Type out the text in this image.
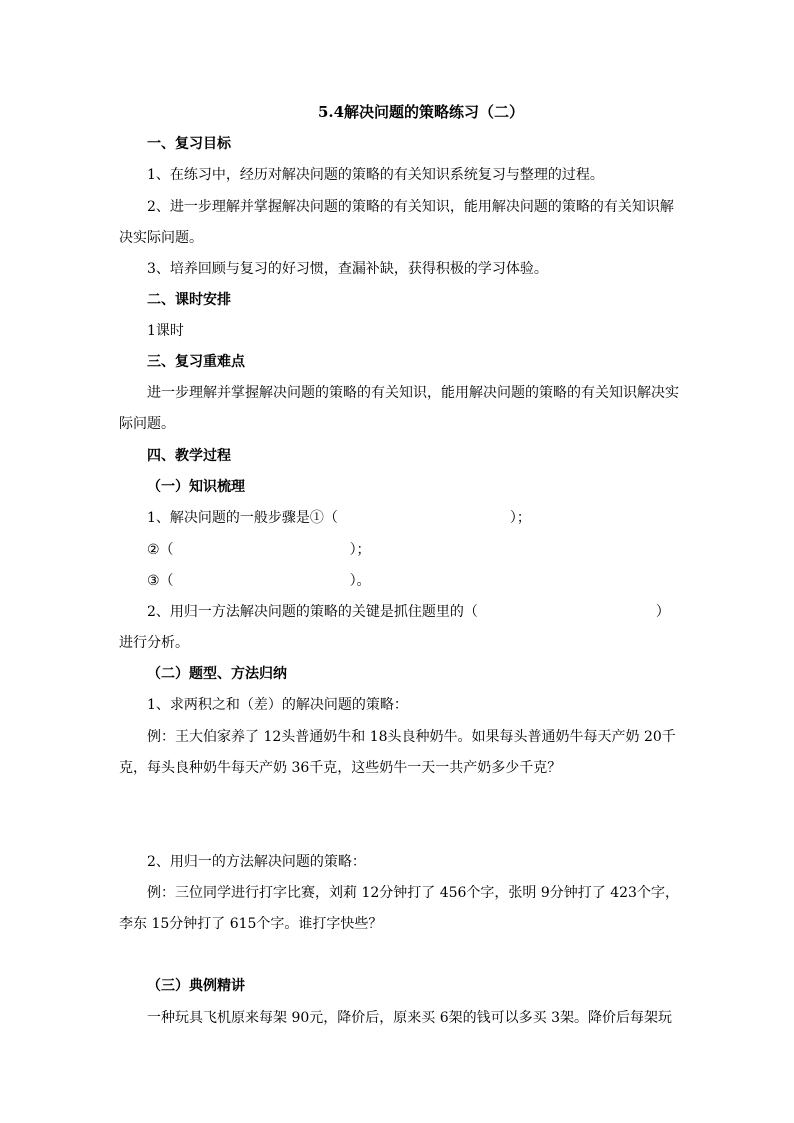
5.4解决问题的策略练习（二）
一、复习目标
1、在练习中，经历对解决问题的策略的有关知识系统复习与整理的过程。
2、进一步理解并掌握解决问题的策略的有关知识，能用解决问题的策略的有关知识解
决实际问题。
3、培养回顾与复习的好习惯，查漏补缺，获得积极的学习体验。
二、课时安排
1课时
三、复习重难点
进一步理解并掌握解决问题的策略的有关知识，能用解决问题的策略的有关知识解决实
际问题。
四、教学过程
（一）知识梳理
1、解决问题的一般步骤是①（	）；
②（	）；
③（	）。
2、用归一方法解决问题的策略的关键是抓住题里的（	）
进行分析。
（二）题型、方法归纳
1、求两积之和（差）的解决问题的策略：
例：王大伯家养了 12头普通奶牛和 18头良种奶牛。如果每头普通奶牛每天产奶 20千
克，每头良种奶牛每天产奶 36千克，这些奶牛一天一共产奶多少千克？
2、用归一的方法解决问题的策略：
例：三位同学进行打字比赛，刘莉 12分钟打了 456个字，张明 9分钟打了 423个字，
李东 15分钟打了 615个字。谁打字快些？
（三）典例精讲
一种玩具飞机原来每架 90元，降价后，原来买 6架的钱可以多买 3架。降价后每架玩
